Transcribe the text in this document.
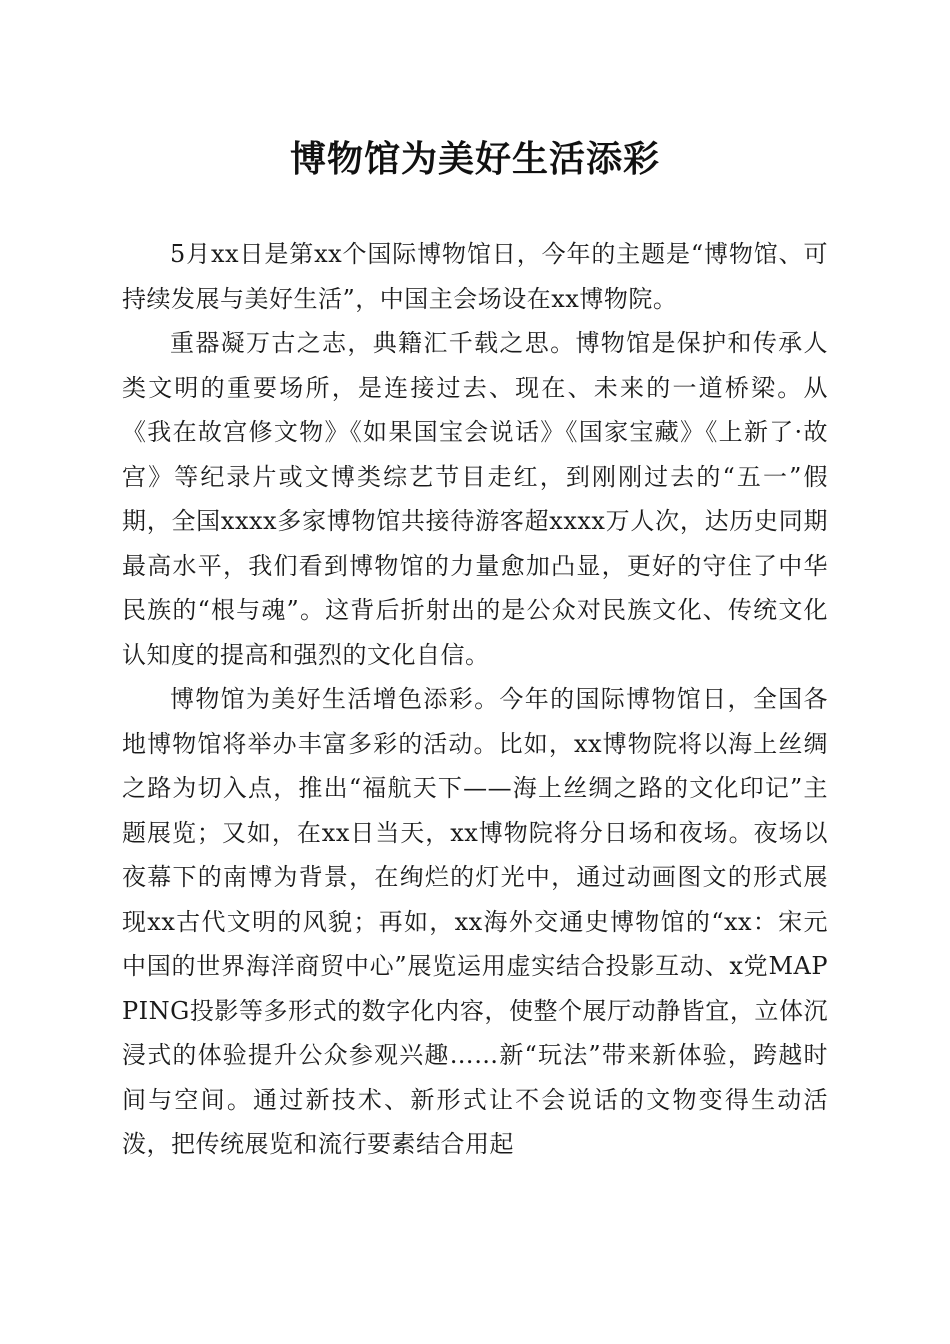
博物馆为美好生活添彩

5月xx日是第xx个国际博物馆日，今年的主题是“博物馆、可持续发展与美好生活”，中国主会场设在xx博物院。

重器凝万古之志，典籍汇千载之思。博物馆是保护和传承人类文明的重要场所，是连接过去、现在、未来的一道桥梁。从《我在故宫修文物》《如果国宝会说话》《国家宝藏》《上新了·故宫》等纪录片或文博类综艺节目走红，到刚刚过去的“五一”假期，全国xxxx多家博物馆共接待游客超xxxx万人次，达历史同期最高水平，我们看到博物馆的力量愈加凸显，更好的守住了中华民族的“根与魂”。这背后折射出的是公众对民族文化、传统文化认知度的提高和强烈的文化自信。

博物馆为美好生活增色添彩。今年的国际博物馆日，全国各地博物馆将举办丰富多彩的活动。比如，xx博物院将以海上丝绸之路为切入点，推出“福航天下——海上丝绸之路的文化印记”主题展览；又如，在xx日当天，xx博物院将分日场和夜场。夜场以夜幕下的南博为背景，在绚烂的灯光中，通过动画图文的形式展现xx古代文明的风貌；再如，xx海外交通史博物馆的“xx：宋元中国的世界海洋商贸中心”展览运用虚实结合投影互动、x党MAPPING投影等多形式的数字化内容，使整个展厅动静皆宜，立体沉浸式的体验提升公众参观兴趣……新“玩法”带来新体验，跨越时间与空间。通过新技术、新形式让不会说话的文物变得生动活泼，把传统展览和流行要素结合用起
